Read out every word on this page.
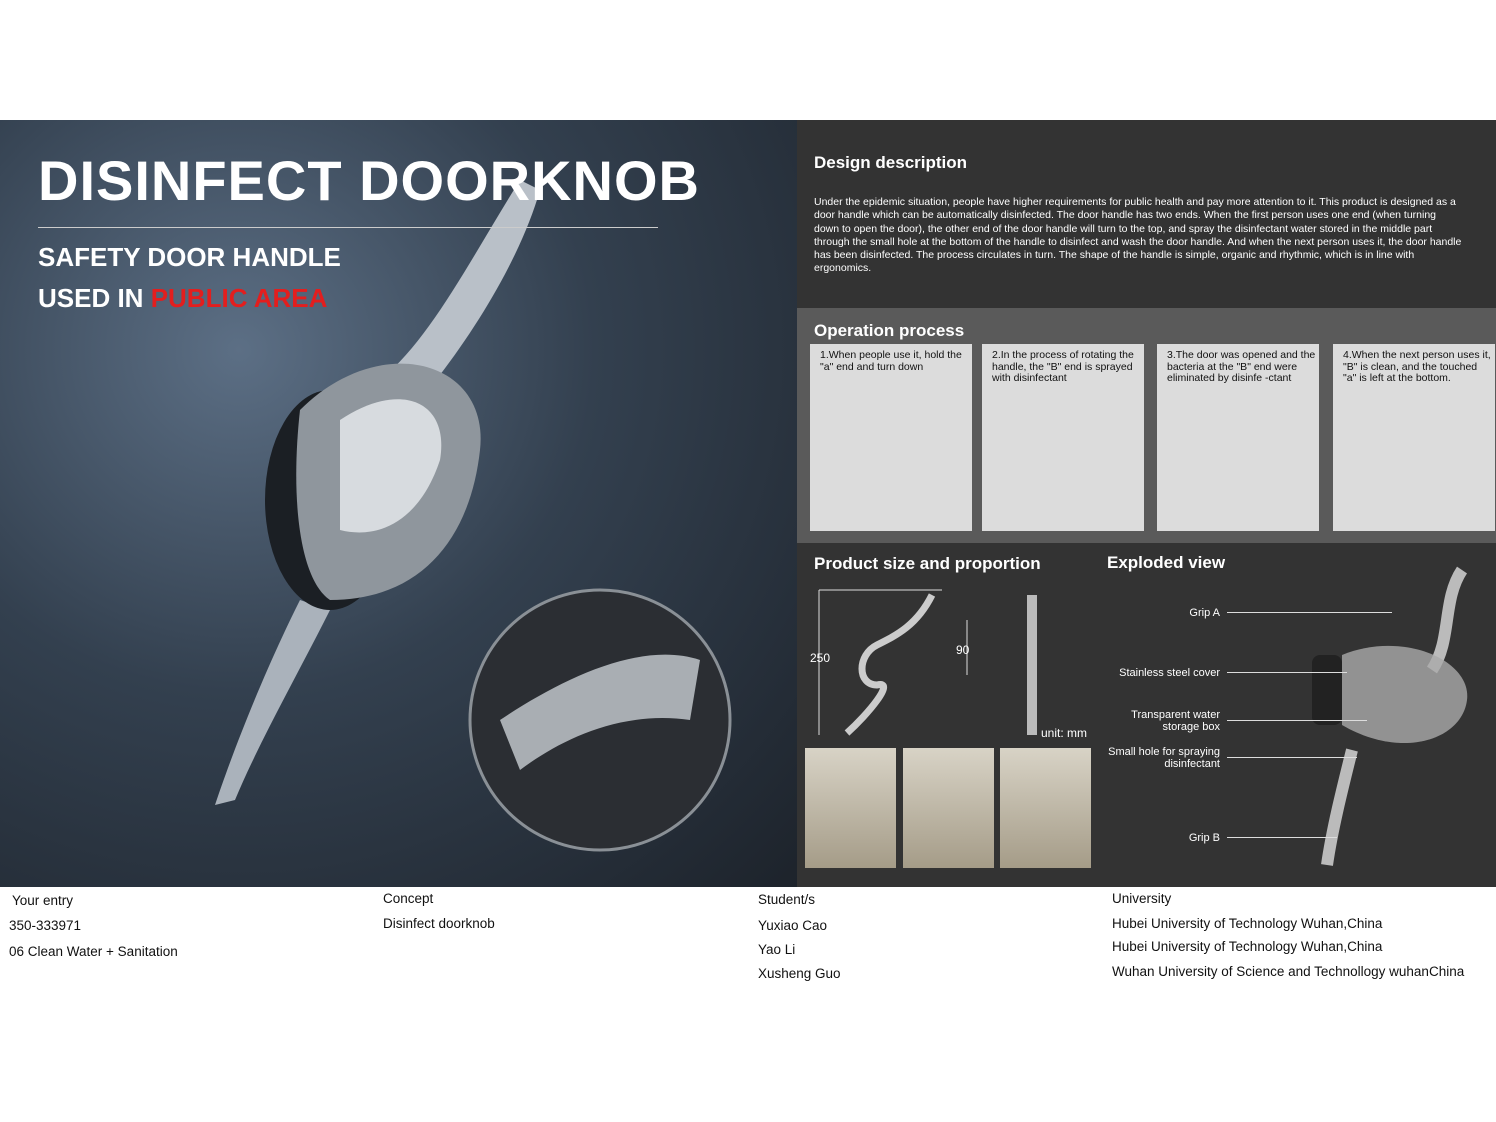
DISINFECT DOORKNOB
SAFETY DOOR HANDLE
USED IN PUBLIC AREA
Design description
Under the epidemic situation, people have higher requirements for public health and pay more attention to it. This product is designed as a door handle which can be automatically disinfected. The door handle has two ends. When the first person uses one end (when turning down to open the door), the other end of the door handle will turn to the top, and spray the disinfectant water stored in the middle part through the small hole at the bottom of the handle to disinfect and wash the door handle. And when the next person uses it, the door handle has been disinfected. The process circulates in turn. The shape of the handle is simple, organic and rhythmic, which is in line with ergonomics.
Operation process

1.When people use it, hold the "a" end and turn down

2.In the process of rotating the handle, the "B" end is sprayed with disinfectant

3.The door was opened and the bacteria at the "B" end were eliminated by disinfe -ctant

4.When the next person uses it, "B" is clean, and the touched "a" is left at the bottom.

Product size and proportion
250
90
unit: mm
Exploded view
Grip A
Stainless steel cover
Transparent water storage box
Small hole for spraying disinfectant
Grip B
Your entry
350-333971
06 Clean Water + Sanitation
Concept
Disinfect doorknob
Student/s
Yuxiao Cao
Yao Li
Xusheng Guo
University
Hubei University of Technology Wuhan,China
Hubei University of Technology Wuhan,China
Wuhan University of Science and Technollogy wuhanChina
